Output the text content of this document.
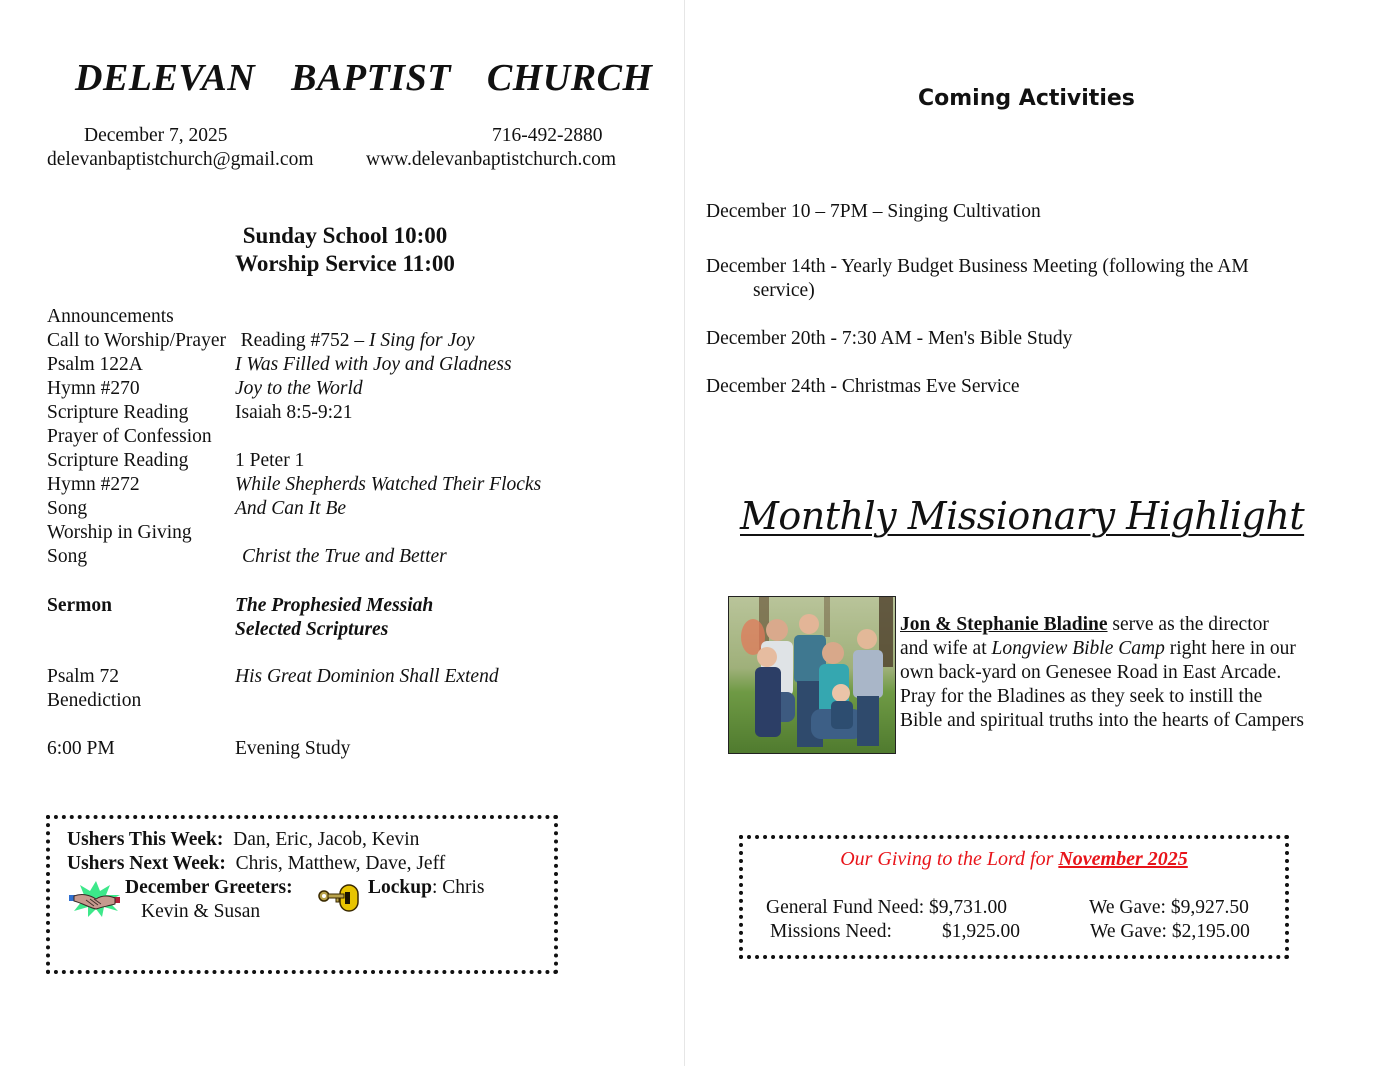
DELEVAN  BAPTIST  CHURCH
December 7, 2025	716-492-2880
delevanbaptistchurch@gmail.com	www.delevanbaptistchurch.com
Sunday School 10:00
Worship Service 11:00
Announcements
Call to Worship/Prayer Reading #752 – I Sing for Joy
Psalm 122A	I Was Filled with Joy and Gladness
Hymn #270	Joy to the World
Scripture Reading Isaiah 8:5-9:21
Prayer of Confession
Scripture Reading 1 Peter 1
Hymn #272	While Shepherds Watched Their Flocks
Song	And Can It Be
Worship in Giving
Song	Christ the True and Better
Sermon	The Prophesied Messiah
Selected Scriptures
Psalm 72	His Great Dominion Shall Extend
Benediction
6:00 PM	Evening Study
Ushers This Week: Dan, Eric, Jacob, Kevin
Ushers Next Week: Chris, Matthew, Dave, Jeff
December Greeters:
Kevin & Susan
Lockup: Chris
Coming Activities
December 10 – 7PM – Singing Cultivation
December 14th - Yearly Budget Business Meeting (following the AM
service)
December 20th - 7:30 AM - Men's Bible Study
December 24th - Christmas Eve Service
Monthly Missionary Highlight
Jon & Stephanie Bladine serve as the director
and wife at Longview Bible Camp right here in our
own back-yard on Genesee Road in East Arcade.
Pray for the Bladines as they seek to instill the
Bible and spiritual truths into the hearts of Campers
Our Giving to the Lord for November 2025
General Fund Need: $9,731.00	We Gave: $9,927.50
Missions Need:	$1,925.00	We Gave: $2,195.00
